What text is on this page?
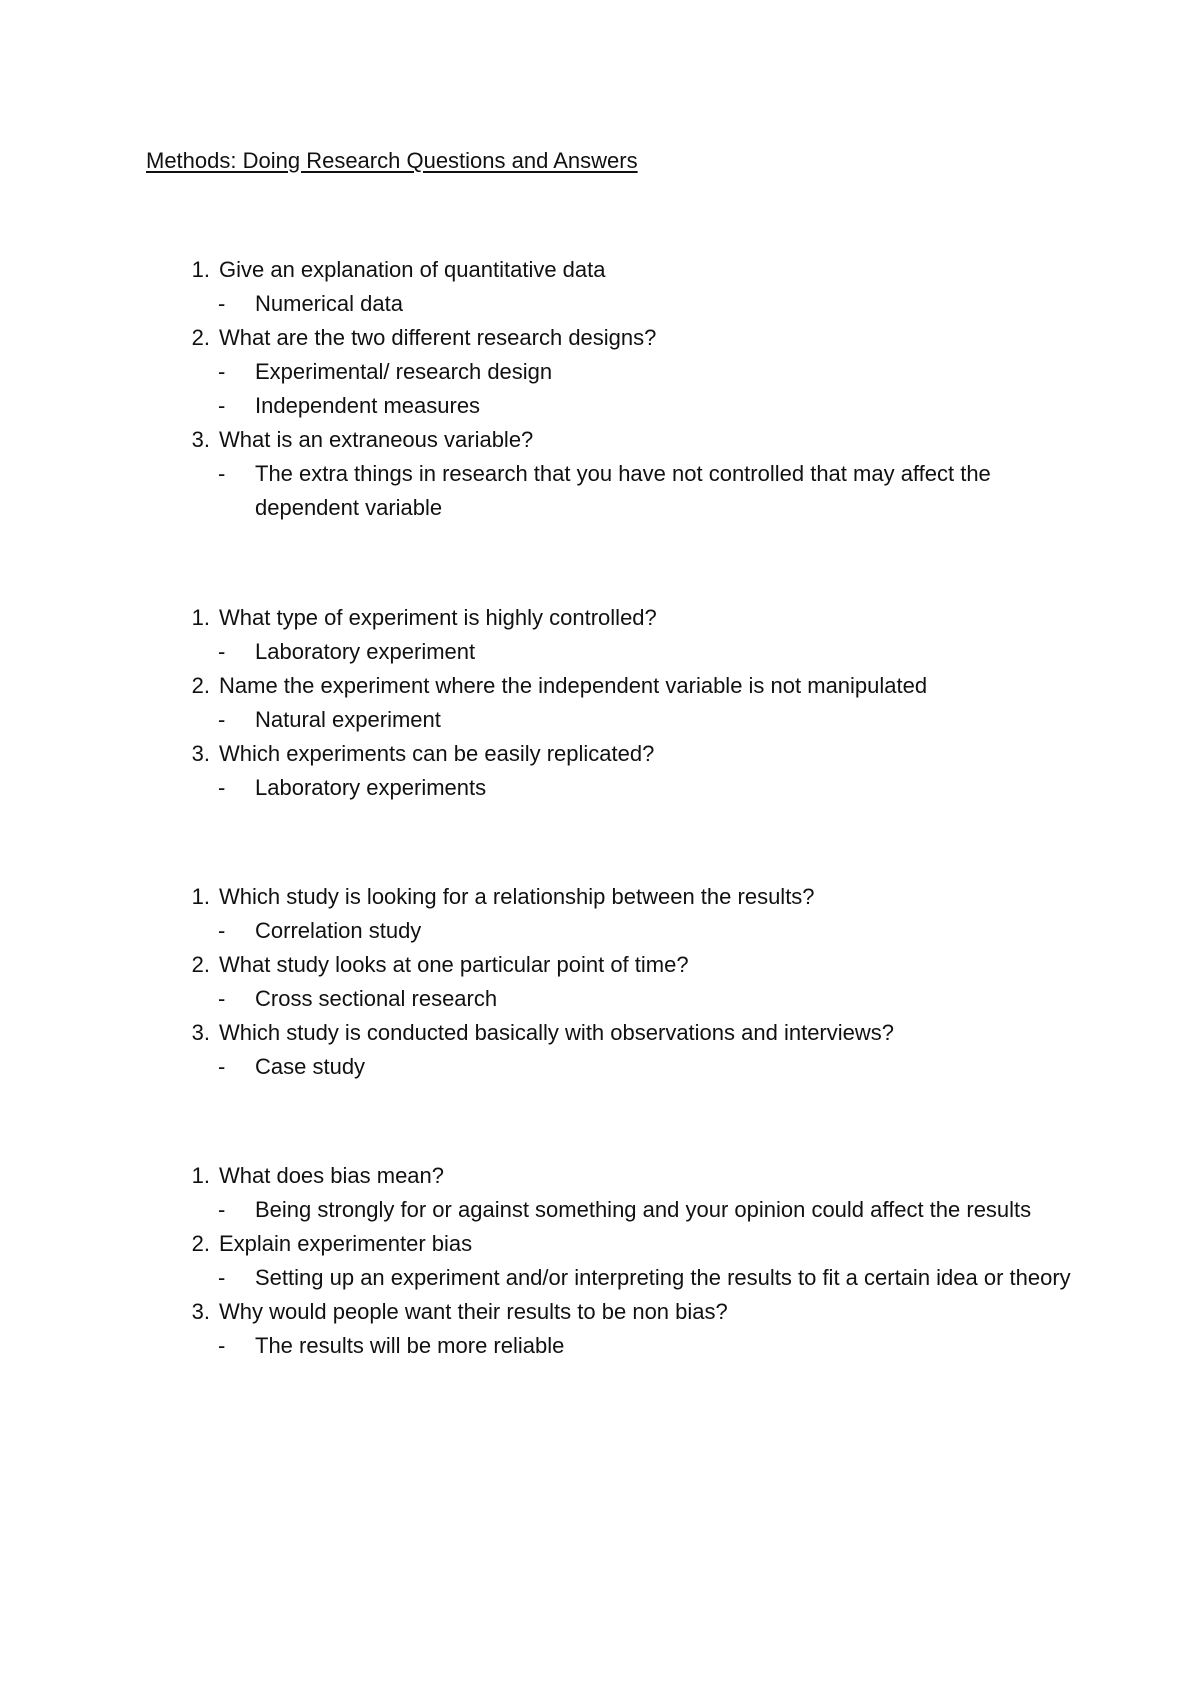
Methods: Doing Research Questions and Answers
1. Give an explanation of quantitative data
- Numerical data
2. What are the two different research designs?
- Experimental/ research design
- Independent measures
3. What is an extraneous variable?
- The extra things in research that you have not controlled that may affect the dependent variable
1. What type of experiment is highly controlled?
- Laboratory experiment
2. Name the experiment where the independent variable is not manipulated
- Natural experiment
3. Which experiments can be easily replicated?
- Laboratory experiments
1. Which study is looking for a relationship between the results?
- Correlation study
2. What study looks at one particular point of time?
- Cross sectional research
3. Which study is conducted basically with observations and interviews?
- Case study
1. What does bias mean?
- Being strongly for or against something and your opinion could affect the results
2. Explain experimenter bias
- Setting up an experiment and/or interpreting the results to fit a certain idea or theory
3. Why would people want their results to be non bias?
- The results will be more reliable
